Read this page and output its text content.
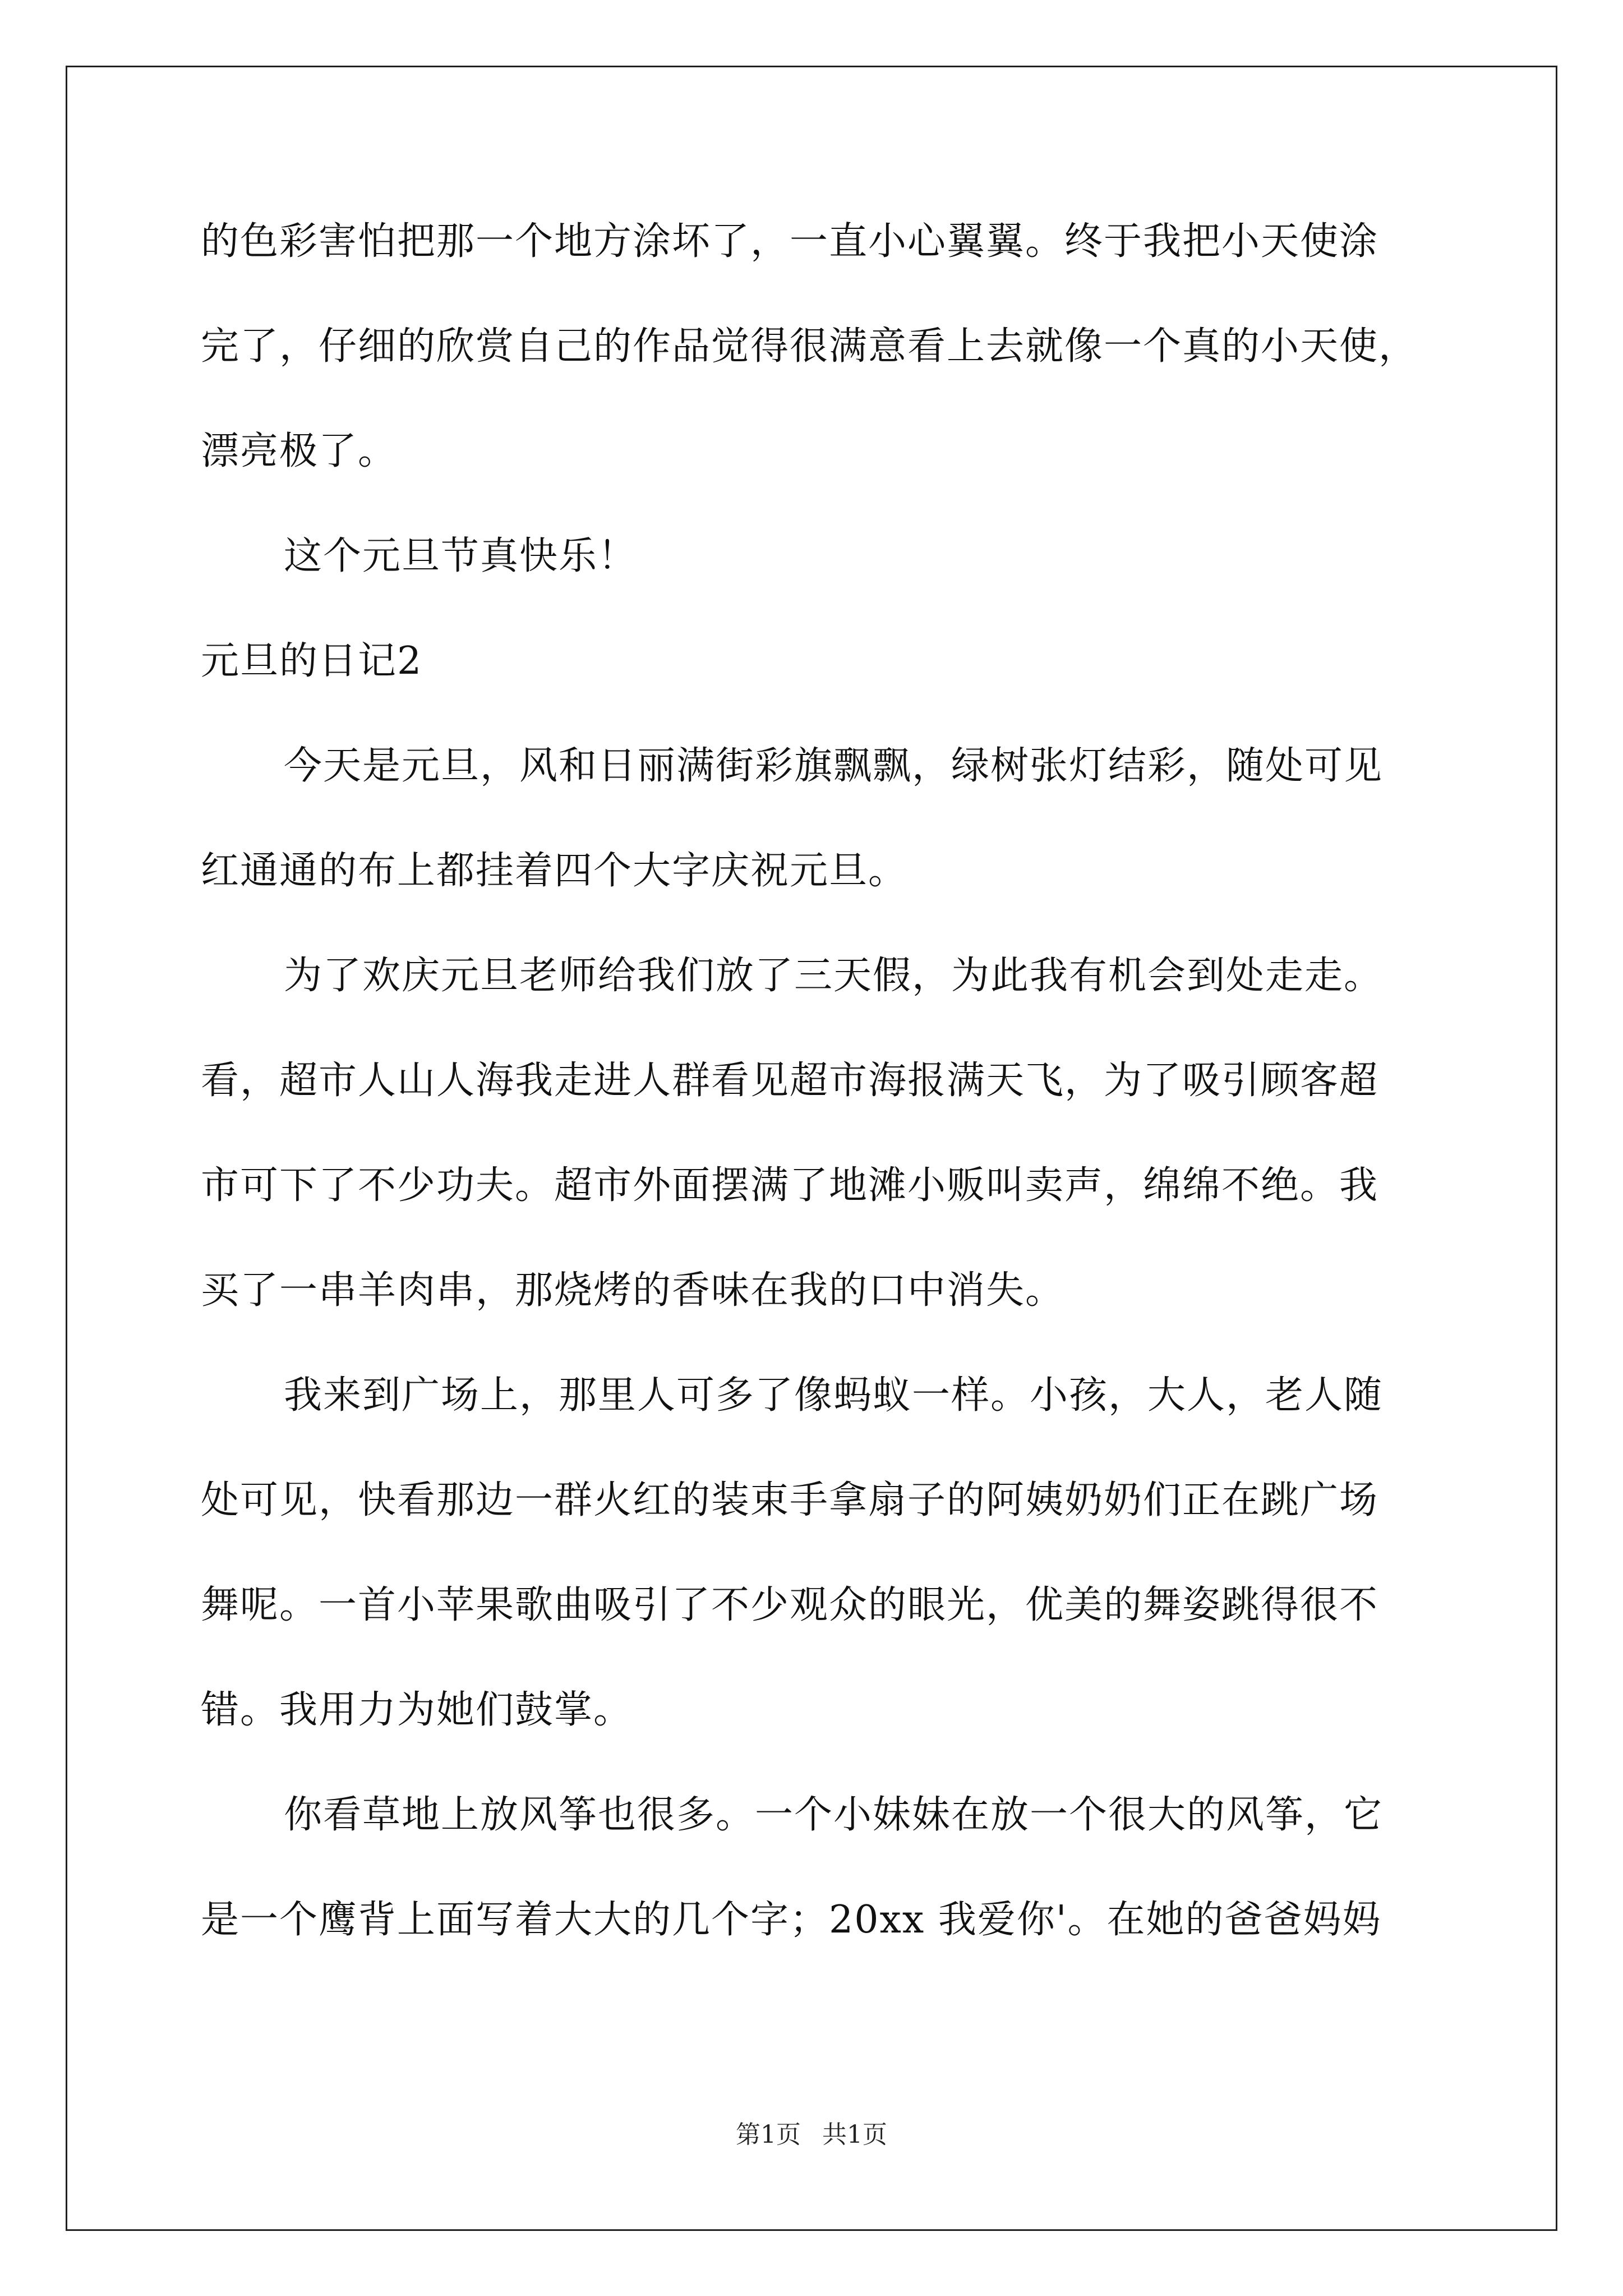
的色彩害怕把那一个地方涂坏了，一直小心翼翼。终于我把小天使涂
完了，仔细的欣赏自己的作品觉得很满意看上去就像一个真的小天使，
漂亮极了。
这个元旦节真快乐！
元旦的日记2
今天是元旦，风和日丽满街彩旗飘飘，绿树张灯结彩，随处可见
红通通的布上都挂着四个大字庆祝元旦。
为了欢庆元旦老师给我们放了三天假，为此我有机会到处走走。
看，超市人山人海我走进人群看见超市海报满天飞，为了吸引顾客超
市可下了不少功夫。超市外面摆满了地滩小贩叫卖声，绵绵不绝。我
买了一串羊肉串，那烧烤的香味在我的口中消失。
我来到广场上，那里人可多了像蚂蚁一样。小孩，大人，老人随
处可见，快看那边一群火红的装束手拿扇子的阿姨奶奶们正在跳广场
舞呢。一首小苹果歌曲吸引了不少观众的眼光，优美的舞姿跳得很不
错。我用力为她们鼓掌。
你看草地上放风筝也很多。一个小妹妹在放一个很大的风筝，它
是一个鹰背上面写着大大的几个字；20xx 我爱你'。在她的爸爸妈妈
第1页 共1页
